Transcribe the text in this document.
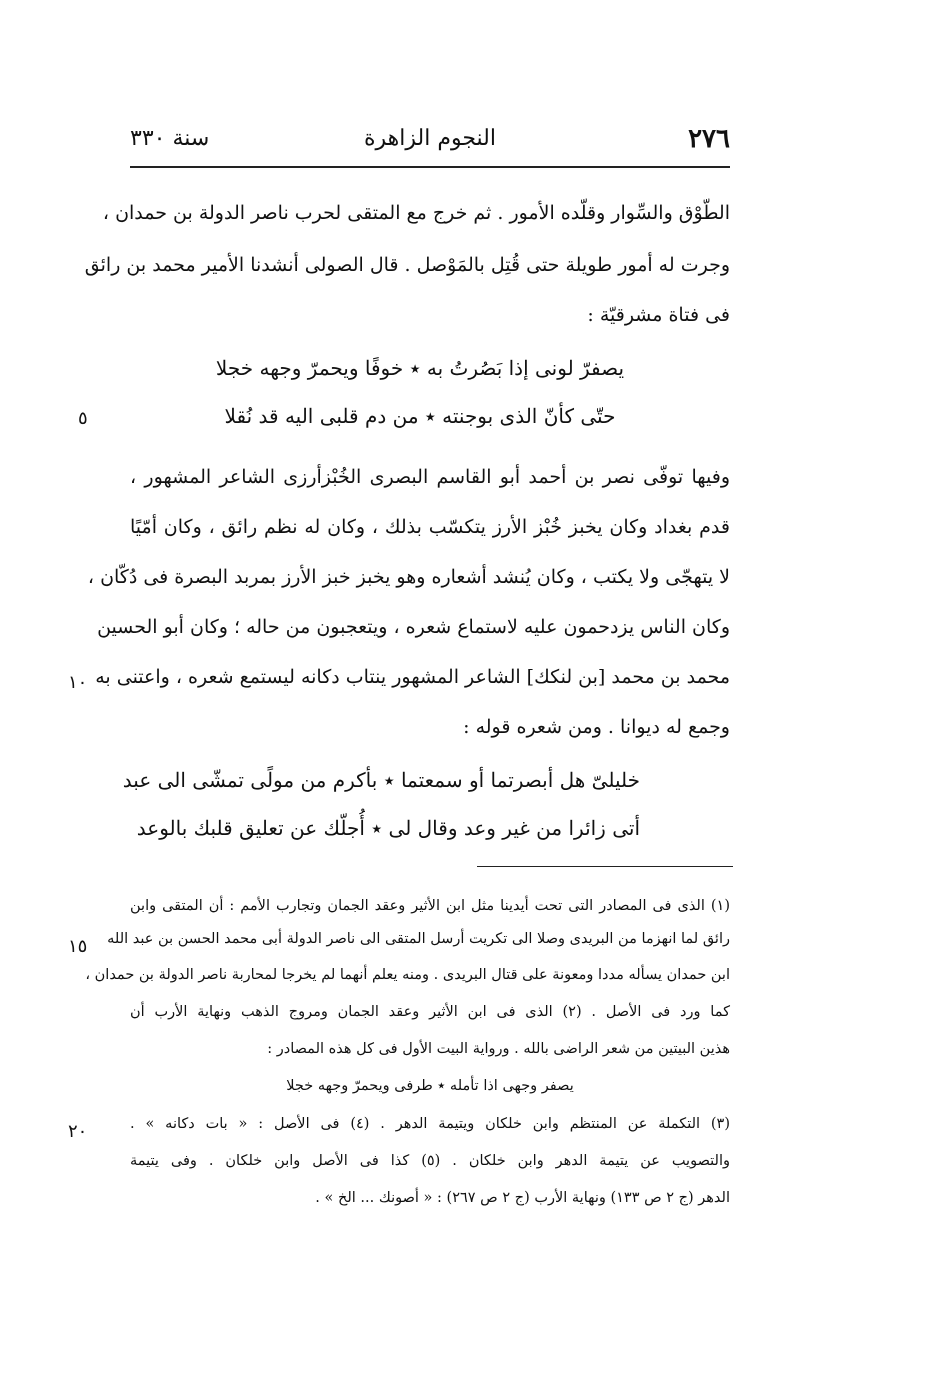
٢٧٦
النجوم الزاهرة
سنة ٣٣٠
الطّوْق والسِّوار وقلّده الأمور . ثم خرج مع المتقى لحرب ناصر الدولة بن حمدان ،
وجرت له أمور طويلة حتى قُتِل بالمَوْصل . قال الصولى أنشدنا الأمير محمد بن رائق
فى فتاة مشرقيّة :
يصفرّ لونى إذا بَصُرتُ به ٭ خوفًا ويحمرّ وجهه خجلا
حتّى كأنّ الذى بوجنته ٭ من دم قلبى اليه قد نُقلا
٥
وفيها توفّى نصر بن أحمد أبو القاسم البصرى الخُبْزأرزى الشاعر المشهور ،
قدم بغداد وكان يخبز خُبْز الأرز يتكسّب بذلك ، وكان له نظم رائق ، وكان أمّيًا
لا يتهجّى ولا يكتب ، وكان يُنشد أشعاره وهو يخبز خبز الأرز بمربد البصرة فى دُكّان ،
وكان الناس يزدحمون عليه لاستماع شعره ، ويتعجبون من حاله ؛ وكان أبو الحسين
محمد بن محمد [بن لنكك] الشاعر المشهور ينتاب دكانه ليستمع شعره ، واعتنى به
١٠
وجمع له ديوانا . ومن شعره قوله :
خليلىّ هل أبصرتما أو سمعتما ٭ بأكرم من مولًى تمشّى الى عبد
أتى زائرا من غير وعد وقال لى ٭ أُجلّك عن تعليق قلبك بالوعد
(١) الذى فى المصادر التى تحت أيدينا مثل ابن الأثير وعقد الجمان وتجارب الأمم : أن المتقى وابن
رائق لما انهزما من البريدى وصلا الى تكريت أرسل المتقى الى ناصر الدولة أبى محمد الحسن بن عبد الله
١٥
ابن حمدان يسأله مددا ومعونة على قتال البريدى . ومنه يعلم أنهما لم يخرجا لمحاربة ناصر الدولة بن حمدان ،
كما ورد فى الأصل . (٢) الذى فى ابن الأثير وعقد الجمان ومروج الذهب ونهاية الأرب أن
هذين البيتين من شعر الراضى بالله . ورواية البيت الأول فى كل هذه المصادر :
يصفر وجهى اذا تأمله ٭ طرفى ويحمرّ وجهه خجلا
(٣) التكملة عن المنتظم وابن خلكان ويتيمة الدهر . (٤) فى الأصل : « بات دكانه » .
٢٠
والتصويب عن يتيمة الدهر وابن خلكان . (٥) كذا فى الأصل وابن خلكان . وفى يتيمة
الدهر (ج ٢ ص ١٣٣) ونهاية الأرب (ج ٢ ص ٢٦٧) : « أصونك ... الخ » .
